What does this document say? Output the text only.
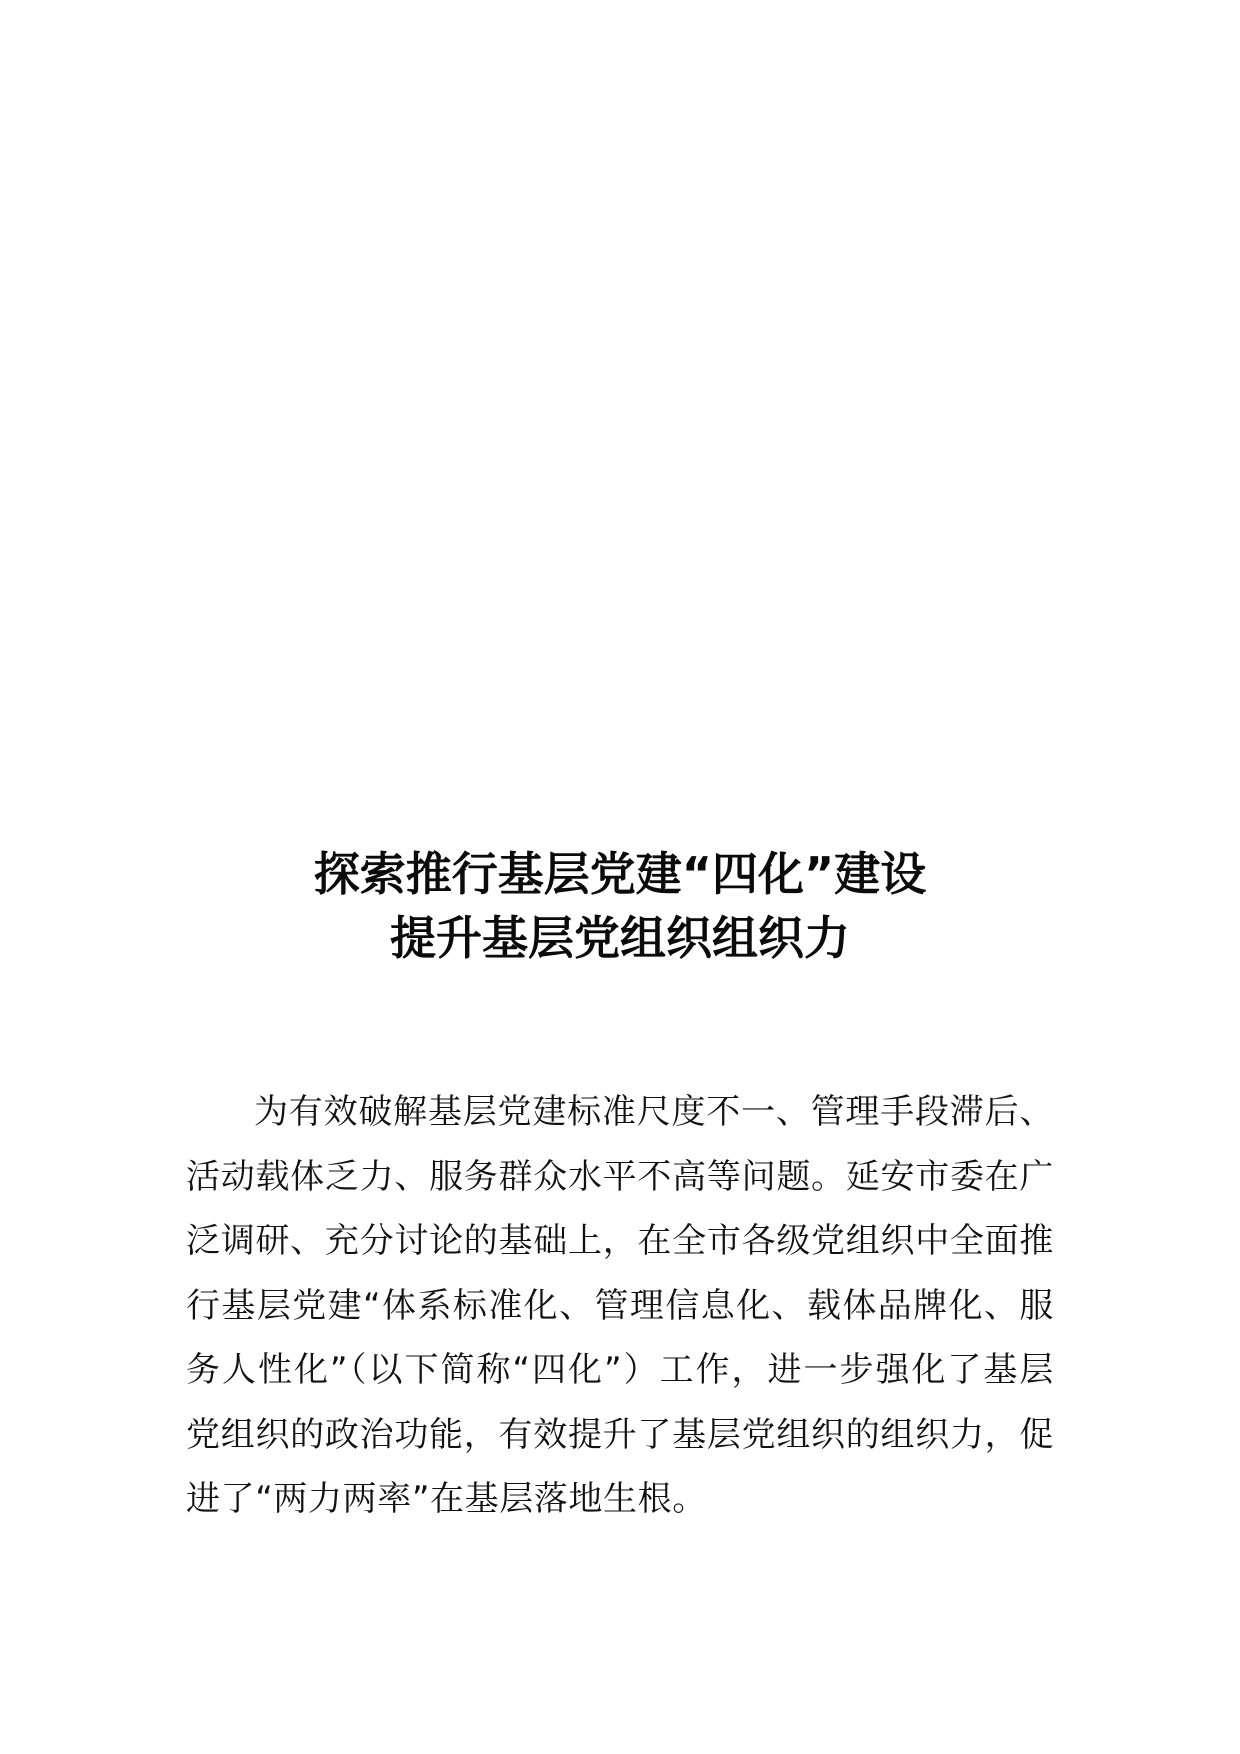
探索推行基层党建“四化”建设
提升基层党组织组织力

为有效破解基层党建标准尺度不一、管理手段滞后、活动载体乏力、服务群众水平不高等问题。延安市委在广泛调研、充分讨论的基础上，在全市各级党组织中全面推行基层党建“体系标准化、管理信息化、载体品牌化、服务人性化”（以下简称“四化”）工作，进一步强化了基层党组织的政治功能，有效提升了基层党组织的组织力，促进了“两力两率”在基层落地生根。
